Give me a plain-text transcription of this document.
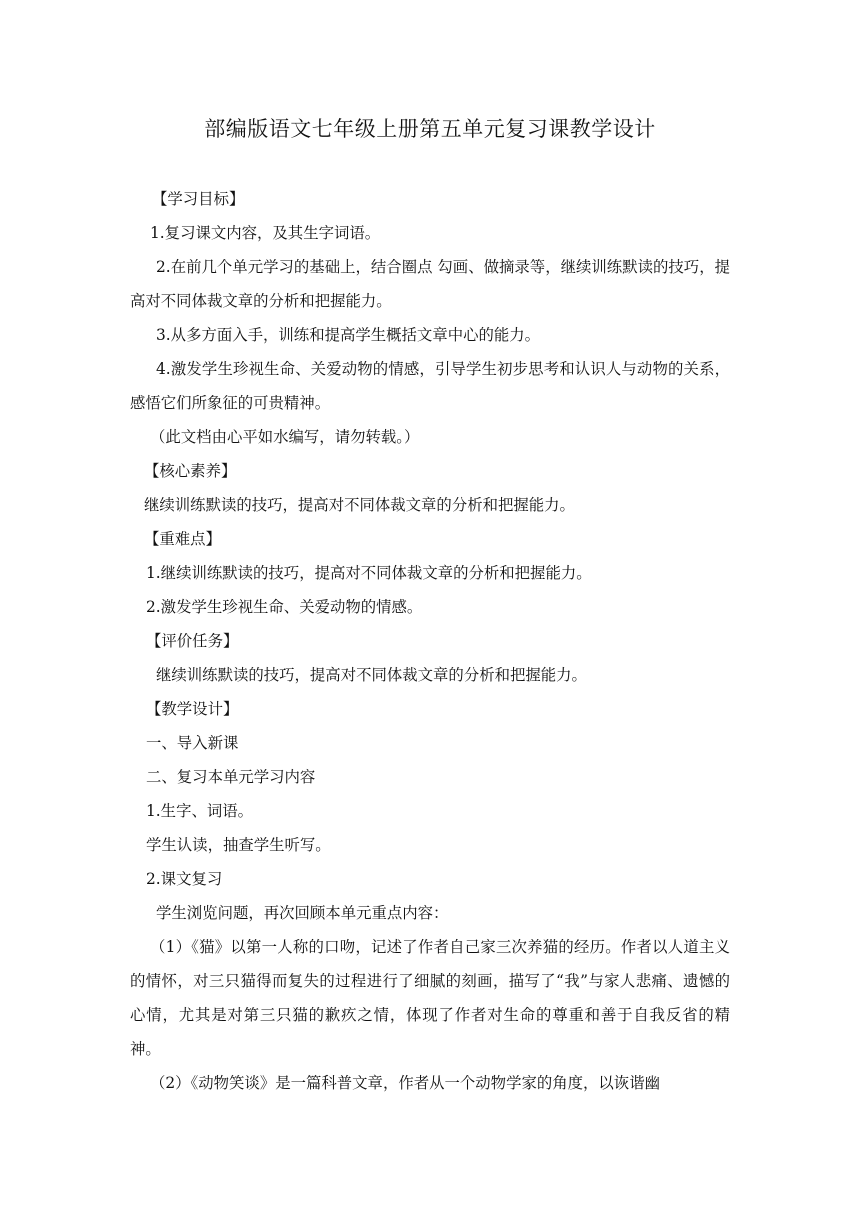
部编版语文七年级上册第五单元复习课教学设计

【学习目标】

1.复习课文内容，及其生字词语。

2.在前几个单元学习的基础上，结合圈点 勾画、做摘录等，继续训练默读的技巧，提高对不同体裁文章的分析和把握能力。

3.从多方面入手，训练和提高学生概括文章中心的能力。

4.激发学生珍视生命、关爱动物的情感，引导学生初步思考和认识人与动物的关系，感悟它们所象征的可贵精神。

（此文档由心平如水编写，请勿转载。）

【核心素养】

继续训练默读的技巧，提高对不同体裁文章的分析和把握能力。

【重难点】

1.继续训练默读的技巧，提高对不同体裁文章的分析和把握能力。

2.激发学生珍视生命、关爱动物的情感。

【评价任务】

继续训练默读的技巧，提高对不同体裁文章的分析和把握能力。

【教学设计】

一、导入新课

二、复习本单元学习内容

1.生字、词语。

学生认读，抽查学生听写。

2.课文复习

学生浏览问题，再次回顾本单元重点内容：

（1）《猫》以第一人称的口吻，记述了作者自己家三次养猫的经历。作者以人道主义的情怀，对三只猫得而复失的过程进行了细腻的刻画，描写了“我”与家人悲痛、遗憾的心情，尤其是对第三只猫的歉疚之情，体现了作者对生命的尊重和善于自我反省的精神。

（2）《动物笑谈》是一篇科普文章，作者从一个动物学家的角度，以诙谐幽
